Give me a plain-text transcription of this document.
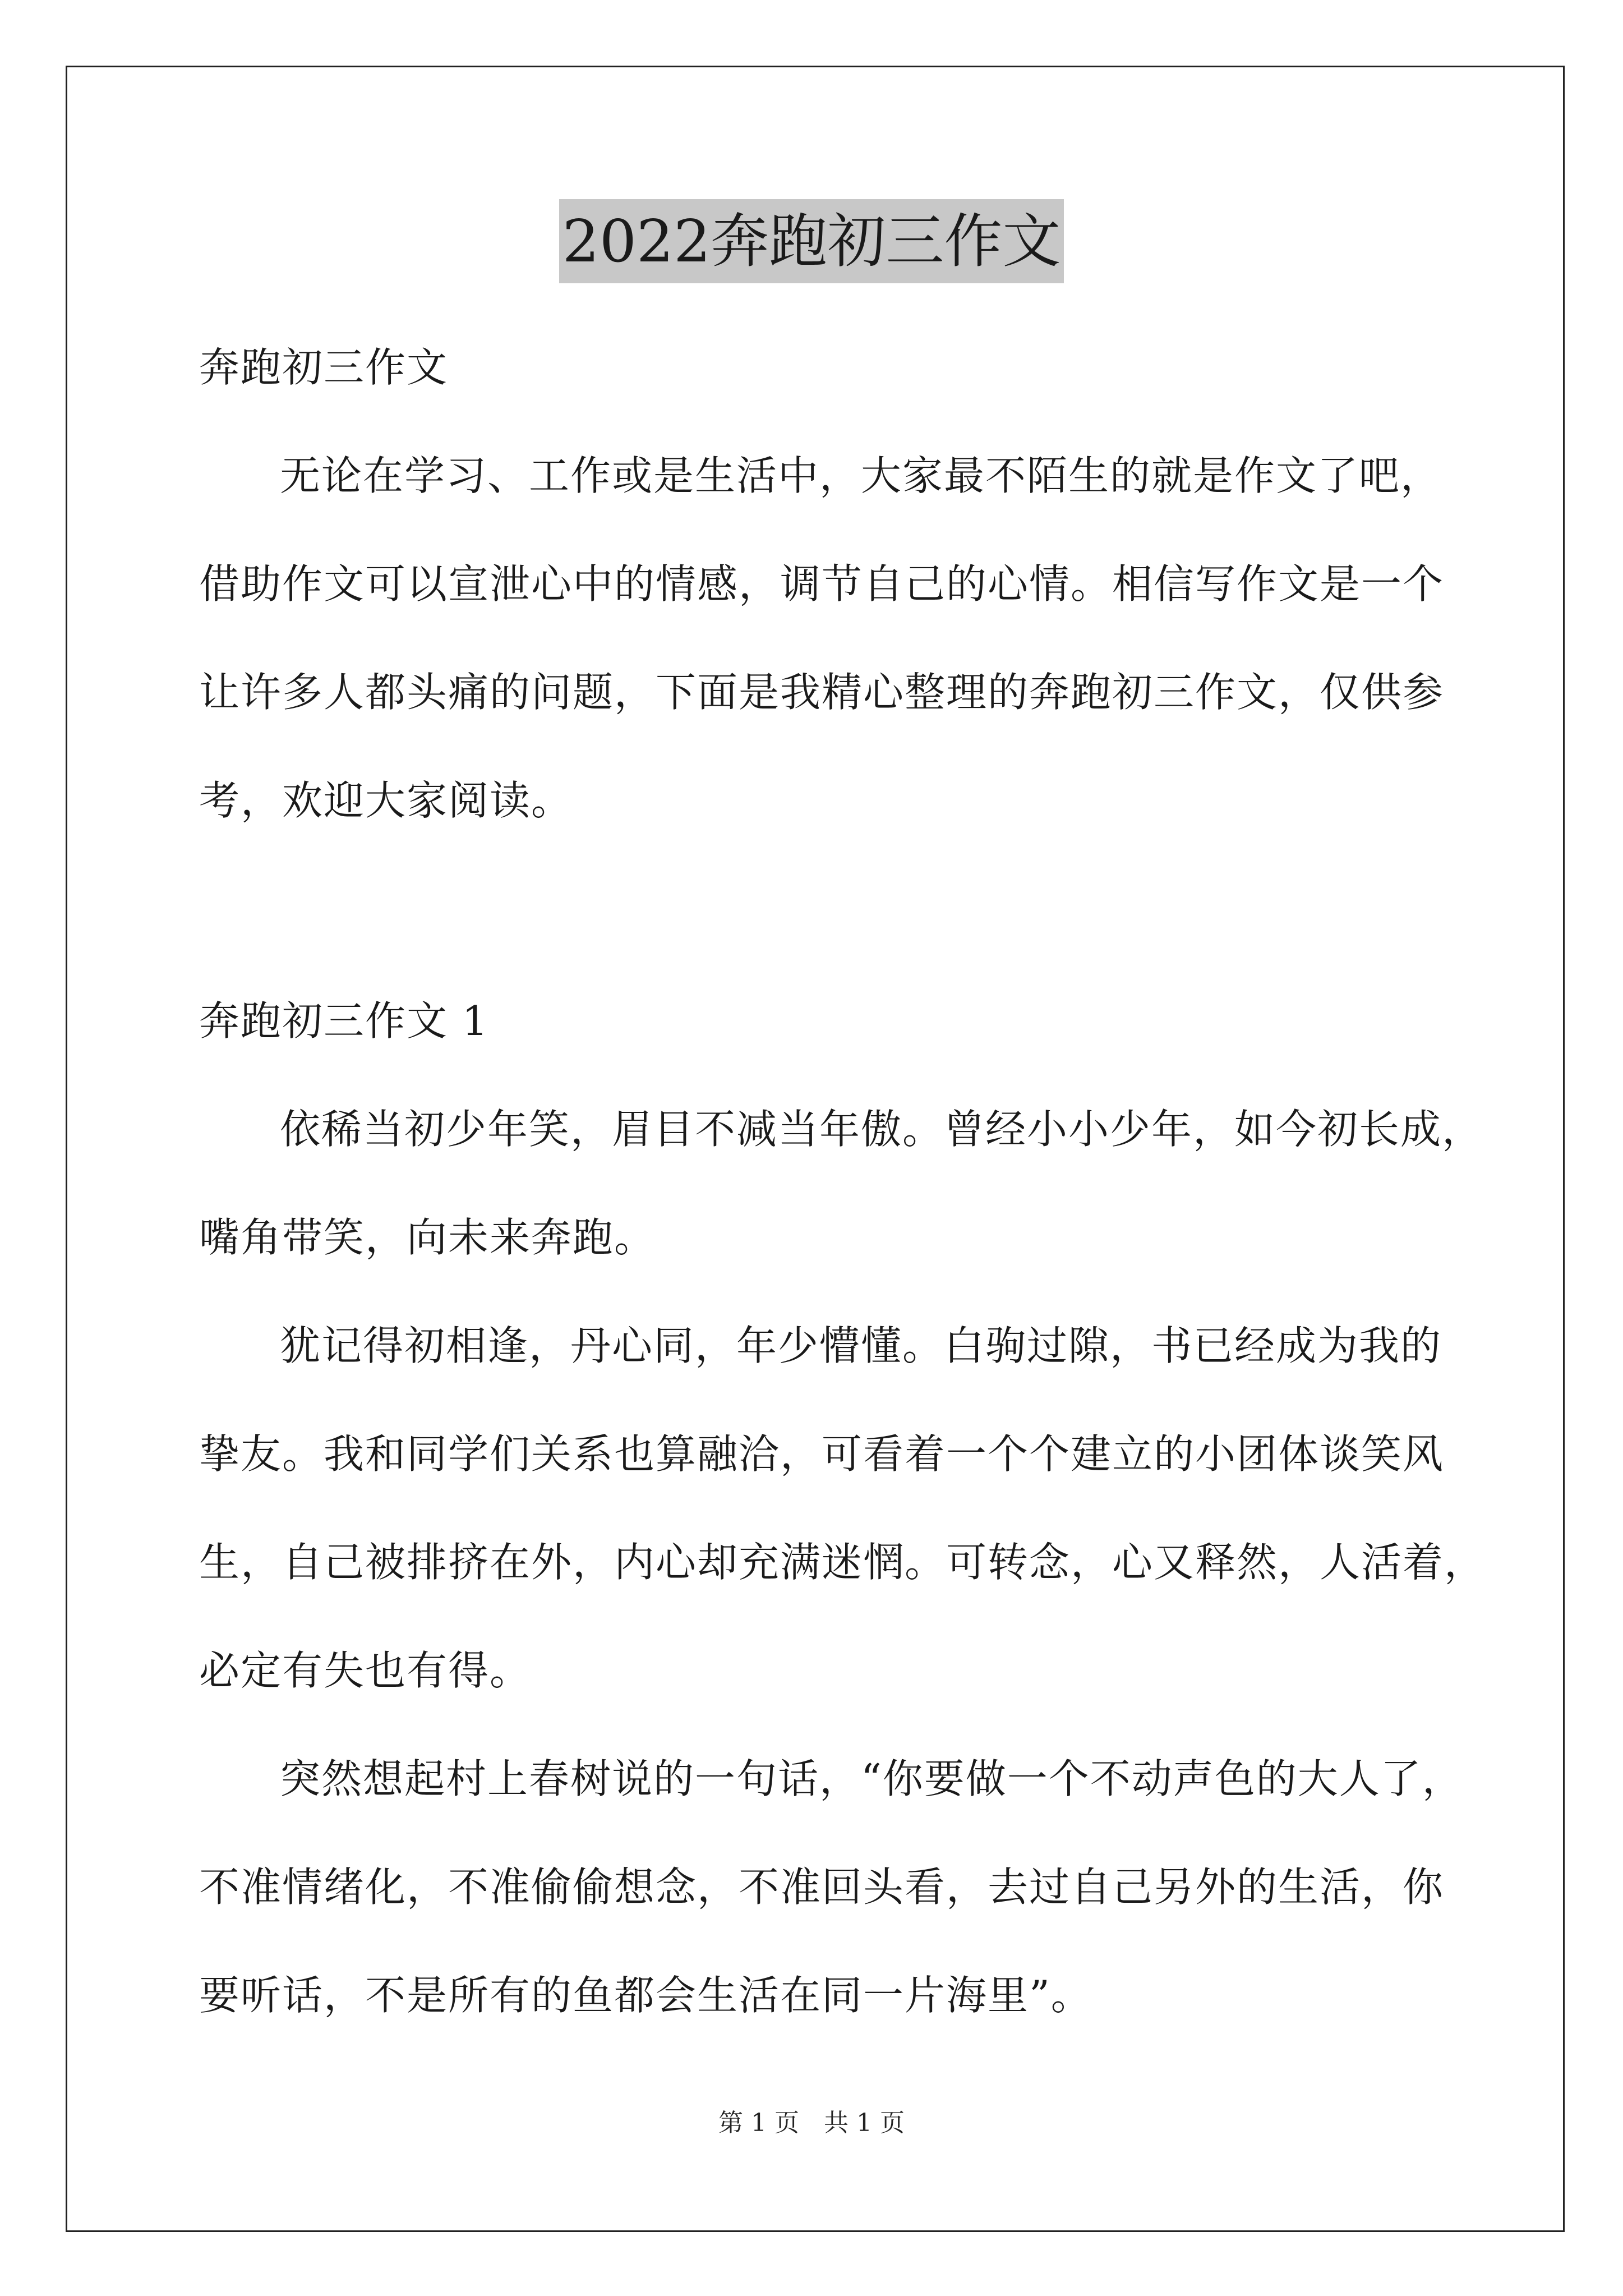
2022奔跑初三作文
奔跑初三作文
无论在学习、工作或是生活中，大家最不陌生的就是作文了吧，
借助作文可以宣泄心中的情感，调节自己的心情。相信写作文是一个
让许多人都头痛的问题，下面是我精心整理的奔跑初三作文，仅供参
考，欢迎大家阅读。
奔跑初三作文 1
依稀当初少年笑，眉目不减当年傲。曾经小小少年，如今初长成，
嘴角带笑，向未来奔跑。
犹记得初相逢，丹心同，年少懵懂。白驹过隙，书已经成为我的
挚友。我和同学们关系也算融洽，可看着一个个建立的小团体谈笑风
生，自己被排挤在外，内心却充满迷惘。可转念，心又释然，人活着，
必定有失也有得。
突然想起村上春树说的一句话，“你要做一个不动声色的大人了，
不准情绪化，不准偷偷想念，不准回头看，去过自己另外的生活，你
要听话，不是所有的鱼都会生活在同一片海里”。
第 1 页 共 1 页
